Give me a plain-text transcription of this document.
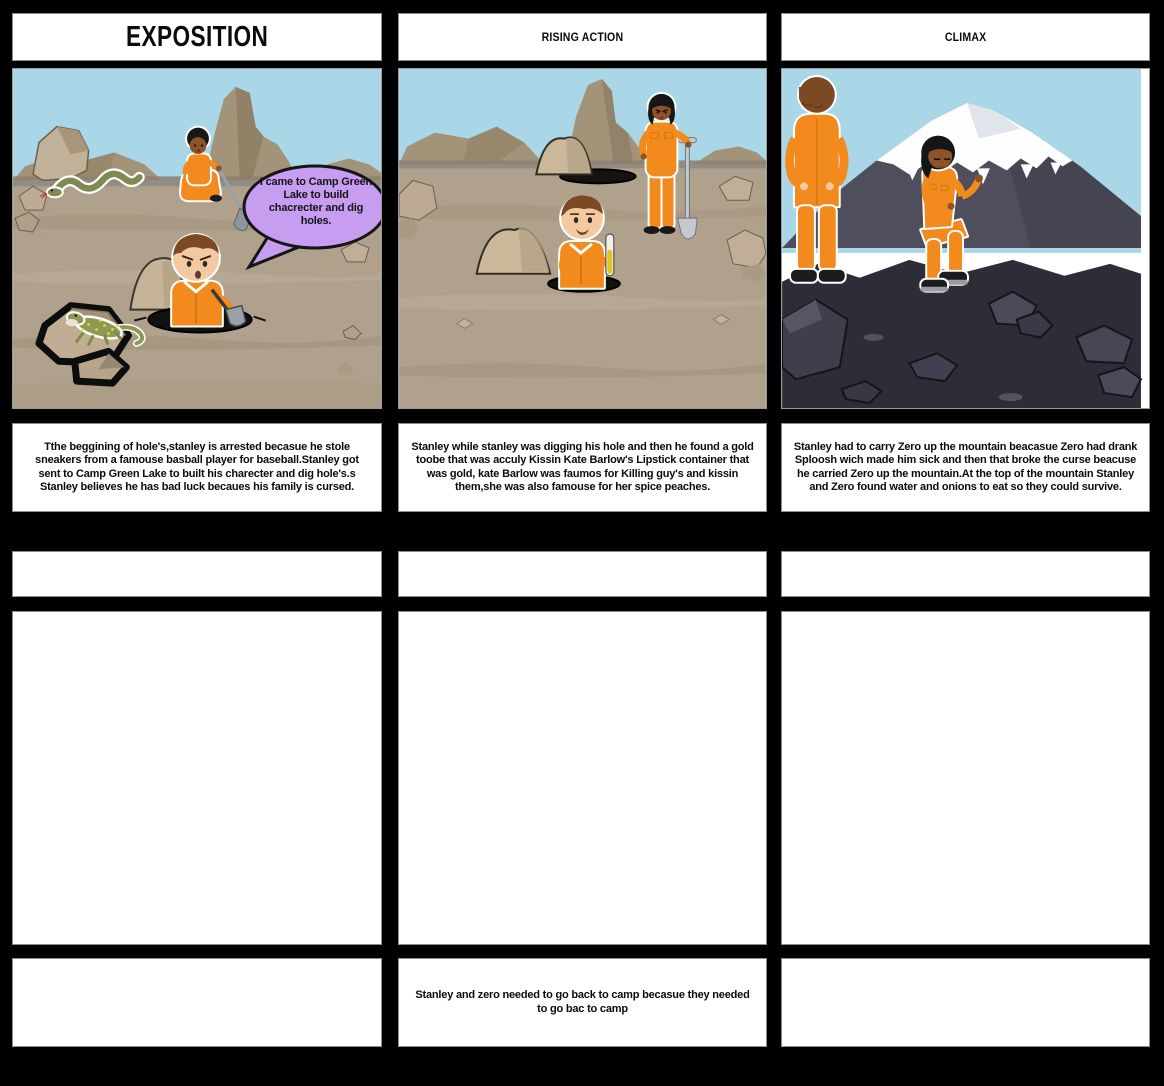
EXPOSITION	RISING ACTION	CLIMAX
I came to Camp Green Lake to build chacrecter and dig holes.
Tthe beggining of hole's,stanley is arrested becasue he stole sneakers from a famouse basball player for baseball.Stanley got sent to Camp Green Lake to built his charecter and dig hole's.s Stanley believes he has bad luck becaues his family is cursed.
Stanley while stanley was digging his hole and then he found a gold toobe that was acculy Kissin Kate Barlow's Lipstick container that was gold, kate Barlow was faumos for Killing guy's and kissin them,she was also famouse for her spice peaches.
Stanley had to carry Zero up the mountain beacasue Zero had drank Sploosh wich made him sick and then that broke the curse beacuse he carried Zero up the mountain.At the top of the mountain Stanley and Zero found water and onions to eat so they could survive.
Stanley and zero needed to go back to camp becasue they needed to go bac to camp
